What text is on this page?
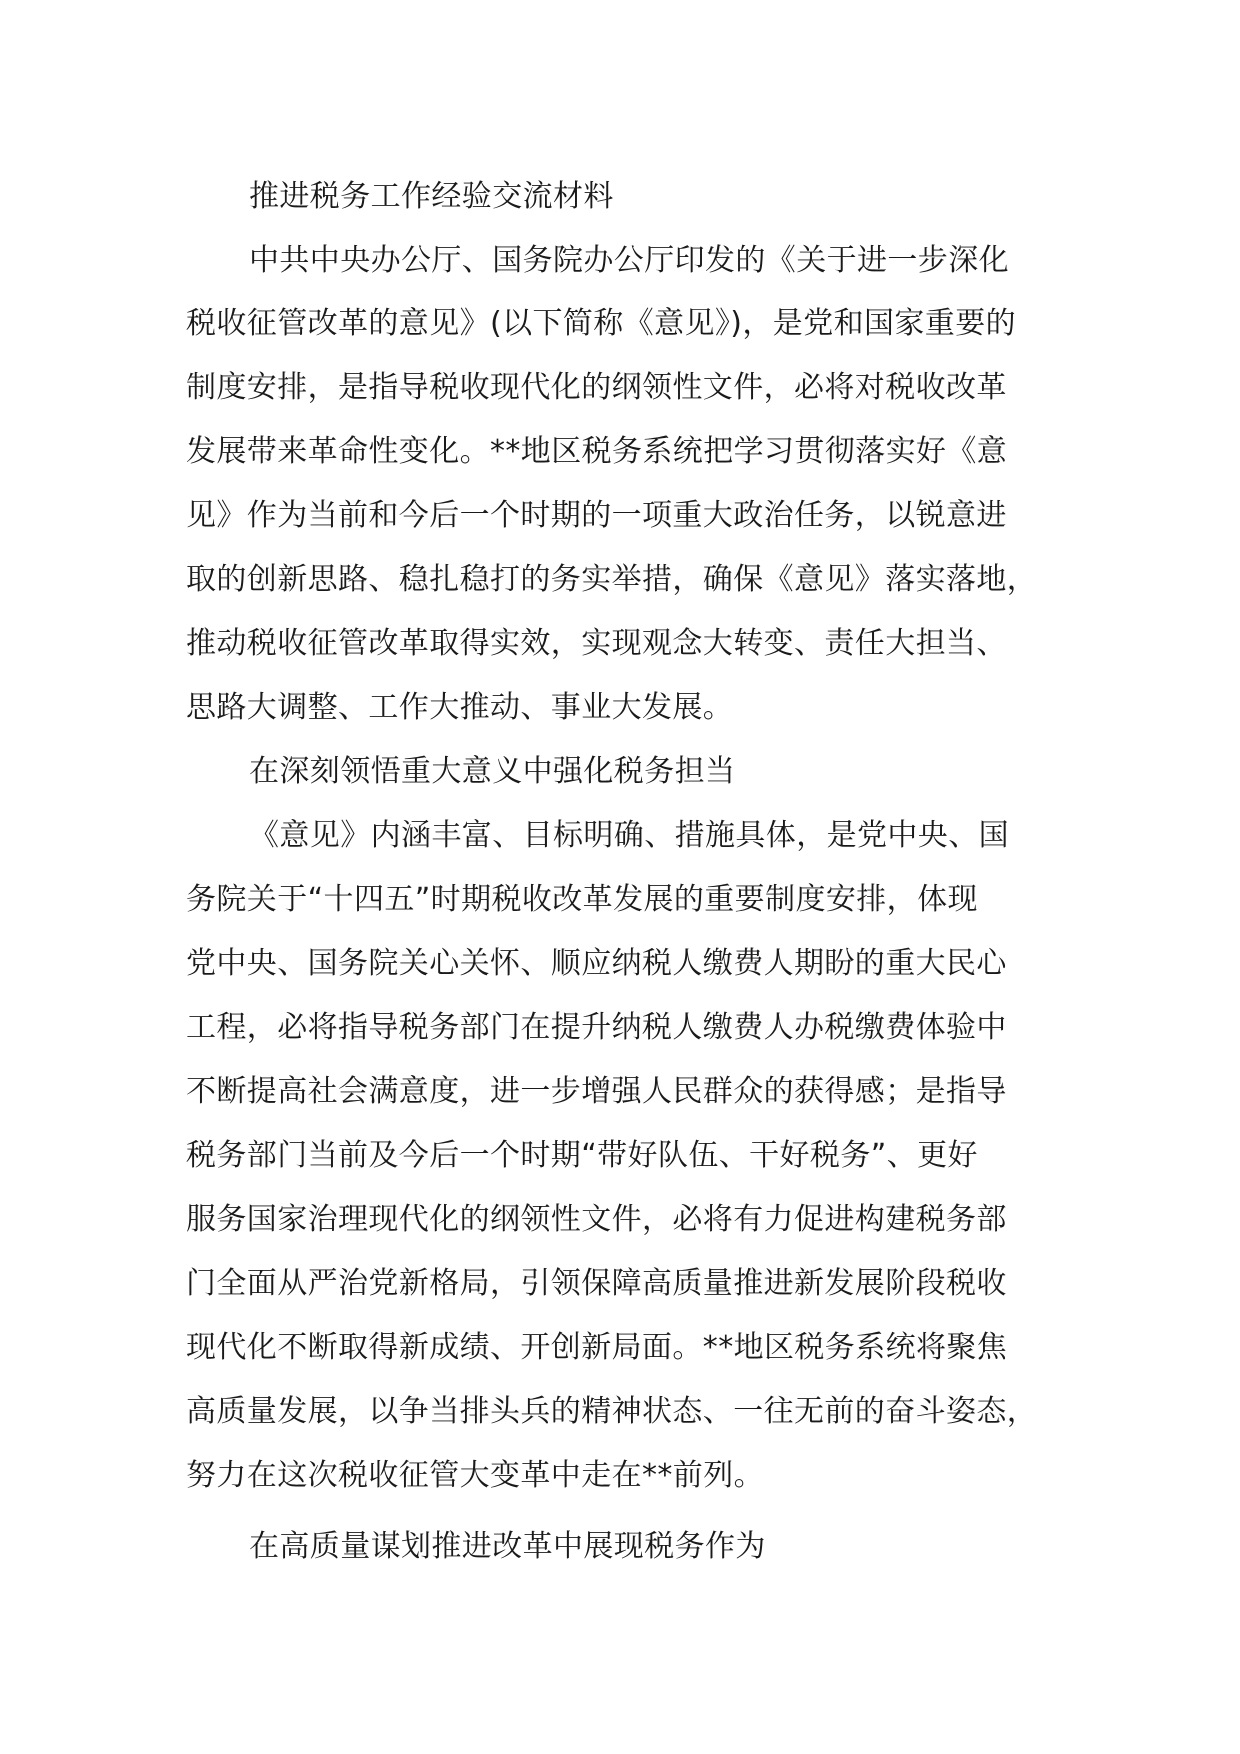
推进税务工作经验交流材料
中共中央办公厅、国务院办公厅印发的《关于进一步深化
税收征管改革的意见》(以下简称《意见》)，是党和国家重要的
制度安排，是指导税收现代化的纲领性文件，必将对税收改革
发展带来革命性变化。**地区税务系统把学习贯彻落实好《意
见》作为当前和今后一个时期的一项重大政治任务，以锐意进
取的创新思路、稳扎稳打的务实举措，确保《意见》落实落地，
推动税收征管改革取得实效，实现观念大转变、责任大担当、
思路大调整、工作大推动、事业大发展。
在深刻领悟重大意义中强化税务担当
《意见》内涵丰富、目标明确、措施具体，是党中央、国
务院关于“十四五”时期税收改革发展的重要制度安排，体现
党中央、国务院关心关怀、顺应纳税人缴费人期盼的重大民心
工程，必将指导税务部门在提升纳税人缴费人办税缴费体验中
不断提高社会满意度，进一步增强人民群众的获得感；是指导
税务部门当前及今后一个时期“带好队伍、干好税务”、更好
服务国家治理现代化的纲领性文件，必将有力促进构建税务部
门全面从严治党新格局，引领保障高质量推进新发展阶段税收
现代化不断取得新成绩、开创新局面。**地区税务系统将聚焦
高质量发展，以争当排头兵的精神状态、一往无前的奋斗姿态，
努力在这次税收征管大变革中走在**前列。
在高质量谋划推进改革中展现税务作为
